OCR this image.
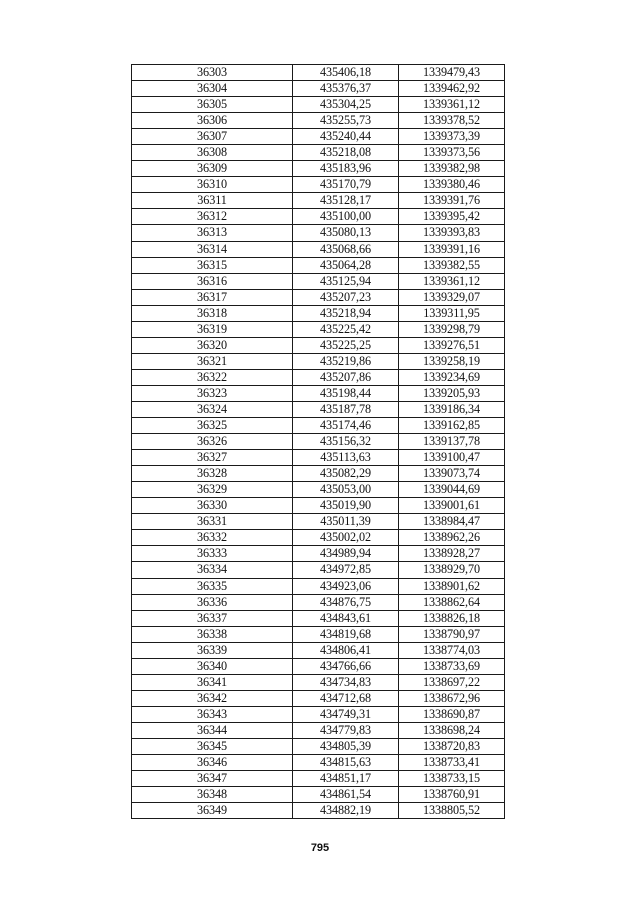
36303	435406,18	1339479,43
36304	435376,37	1339462,92
36305	435304,25	1339361,12
36306	435255,73	1339378,52
36307	435240,44	1339373,39
36308	435218,08	1339373,56
36309	435183,96	1339382,98
36310	435170,79	1339380,46
36311	435128,17	1339391,76
36312	435100,00	1339395,42
36313	435080,13	1339393,83
36314	435068,66	1339391,16
36315	435064,28	1339382,55
36316	435125,94	1339361,12
36317	435207,23	1339329,07
36318	435218,94	1339311,95
36319	435225,42	1339298,79
36320	435225,25	1339276,51
36321	435219,86	1339258,19
36322	435207,86	1339234,69
36323	435198,44	1339205,93
36324	435187,78	1339186,34
36325	435174,46	1339162,85
36326	435156,32	1339137,78
36327	435113,63	1339100,47
36328	435082,29	1339073,74
36329	435053,00	1339044,69
36330	435019,90	1339001,61
36331	435011,39	1338984,47
36332	435002,02	1338962,26
36333	434989,94	1338928,27
36334	434972,85	1338929,70
36335	434923,06	1338901,62
36336	434876,75	1338862,64
36337	434843,61	1338826,18
36338	434819,68	1338790,97
36339	434806,41	1338774,03
36340	434766,66	1338733,69
36341	434734,83	1338697,22
36342	434712,68	1338672,96
36343	434749,31	1338690,87
36344	434779,83	1338698,24
36345	434805,39	1338720,83
36346	434815,63	1338733,41
36347	434851,17	1338733,15
36348	434861,54	1338760,91
36349	434882,19	1338805,52
795
